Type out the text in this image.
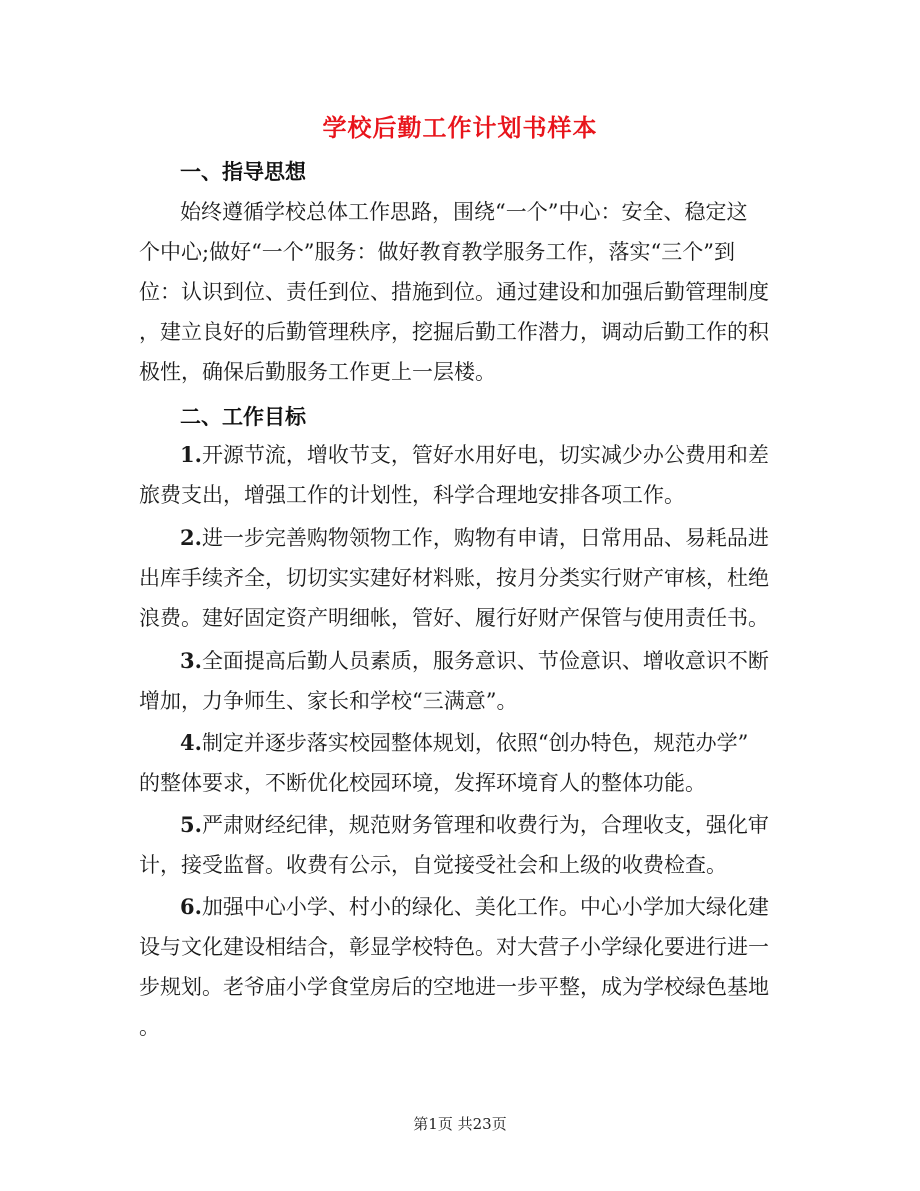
学校后勤工作计划书样本
一、指导思想
始终遵循学校总体工作思路，围绕“一个”中心：安全、稳定这
个中心;做好“一个”服务：做好教育教学服务工作，落实“三个”到
位：认识到位、责任到位、措施到位。通过建设和加强后勤管理制度
，建立良好的后勤管理秩序，挖掘后勤工作潜力，调动后勤工作的积
极性，确保后勤服务工作更上一层楼。
二、工作目标
1.开源节流，增收节支，管好水用好电，切实减少办公费用和差
旅费支出，增强工作的计划性，科学合理地安排各项工作。
2.进一步完善购物领物工作，购物有申请，日常用品、易耗品进
出库手续齐全，切切实实建好材料账，按月分类实行财产审核，杜绝
浪费。建好固定资产明细帐，管好、履行好财产保管与使用责任书。
3.全面提高后勤人员素质，服务意识、节俭意识、增收意识不断
增加，力争师生、家长和学校“三满意”。
4.制定并逐步落实校园整体规划，依照“创办特色，规范办学”
的整体要求，不断优化校园环境，发挥环境育人的整体功能。
5.严肃财经纪律，规范财务管理和收费行为，合理收支，强化审
计，接受监督。收费有公示，自觉接受社会和上级的收费检查。
6.加强中心小学、村小的绿化、美化工作。中心小学加大绿化建
设与文化建设相结合，彰显学校特色。对大营子小学绿化要进行进一
步规划。老爷庙小学食堂房后的空地进一步平整，成为学校绿色基地
。
第1页 共23页
